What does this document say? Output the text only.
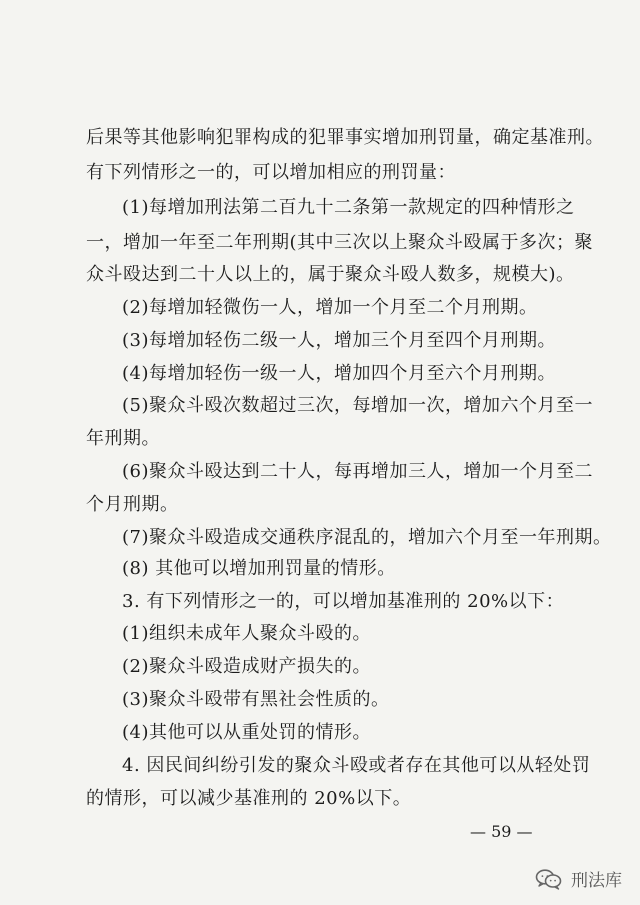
后果等其他影响犯罪构成的犯罪事实增加刑罚量，确定基准刑。
有下列情形之一的，可以增加相应的刑罚量：
(1)每增加刑法第二百九十二条第一款规定的四种情形之
一，增加一年至二年刑期(其中三次以上聚众斗殴属于多次；聚
众斗殴达到二十人以上的，属于聚众斗殴人数多，规模大)。
(2)每增加轻微伤一人，增加一个月至二个月刑期。
(3)每增加轻伤二级一人，增加三个月至四个月刑期。
(4)每增加轻伤一级一人，增加四个月至六个月刑期。
(5)聚众斗殴次数超过三次，每增加一次，增加六个月至一
年刑期。
(6)聚众斗殴达到二十人，每再增加三人，增加一个月至二
个月刑期。
(7)聚众斗殴造成交通秩序混乱的，增加六个月至一年刑期。
(8) 其他可以增加刑罚量的情形。
3. 有下列情形之一的，可以增加基准刑的 20%以下：
(1)组织未成年人聚众斗殴的。
(2)聚众斗殴造成财产损失的。
(3)聚众斗殴带有黑社会性质的。
(4)其他可以从重处罚的情形。
4. 因民间纠纷引发的聚众斗殴或者存在其他可以从轻处罚
的情形，可以减少基准刑的 20%以下。
— 59 —
刑法库
